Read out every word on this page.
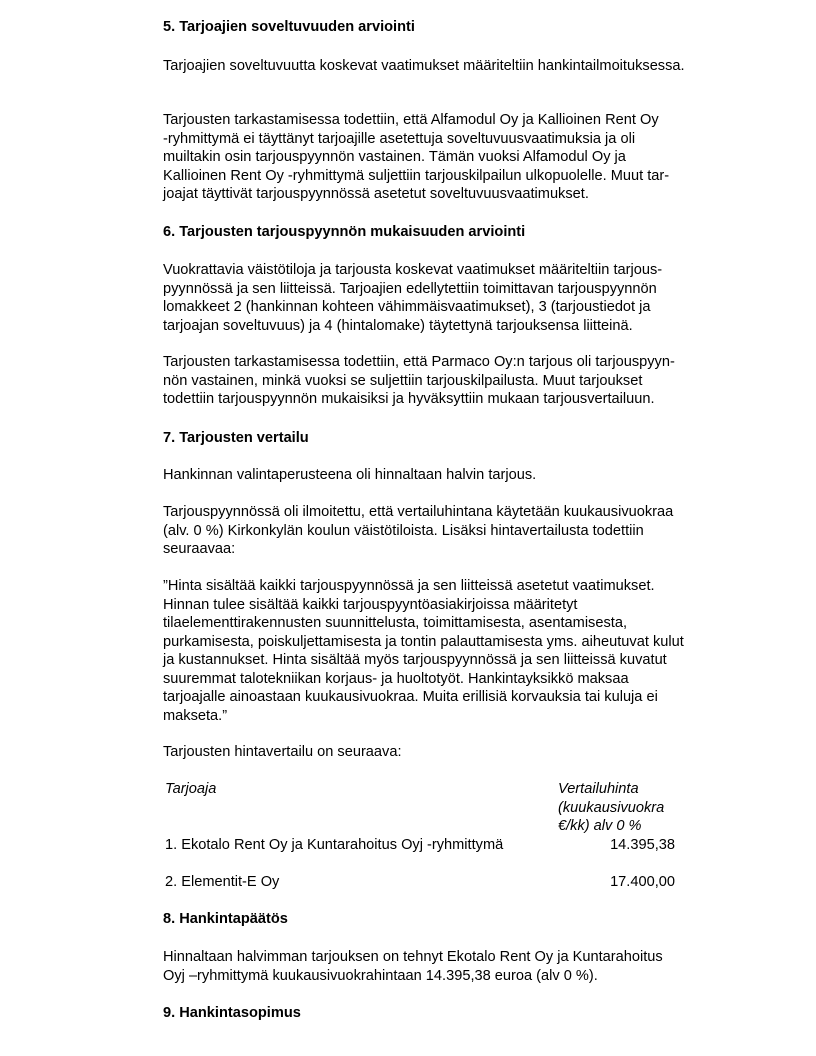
5. Tarjoajien soveltuvuuden arviointi
Tarjoajien soveltuvuutta koskevat vaatimukset määriteltiin hankintailmoituksessa.
Tarjousten tarkastamisessa todettiin, että Alfamodul Oy ja Kallioinen Rent Oy
-ryhmittymä ei täyttänyt tarjoajille asetettuja soveltuvuusvaatimuksia ja oli
muiltakin osin tarjouspyynnön vastainen. Tämän vuoksi Alfamodul Oy ja
Kallioinen Rent Oy -ryhmittymä suljettiin tarjouskilpailun ulkopuolelle. Muut tar-
joajat täyttivät tarjouspyynnössä asetetut soveltuvuusvaatimukset.
6. Tarjousten tarjouspyynnön mukaisuuden arviointi
Vuokrattavia väistötiloja ja tarjousta koskevat vaatimukset määriteltiin tarjous-
pyynnössä ja sen liitteissä. Tarjoajien edellytettiin toimittavan tarjouspyynnön
lomakkeet 2 (hankinnan kohteen vähimmäisvaatimukset), 3 (tarjoustiedot ja
tarjoajan soveltuvuus) ja 4 (hintalomake) täytettynä tarjouksensa liitteinä.
Tarjousten tarkastamisessa todettiin, että Parmaco Oy:n tarjous oli tarjouspyyn-
nön vastainen, minkä vuoksi se suljettiin tarjouskilpailusta. Muut tarjoukset
todettiin tarjouspyynnön mukaisiksi ja hyväksyttiin mukaan tarjousvertailuun.
7. Tarjousten vertailu
Hankinnan valintaperusteena oli hinnaltaan halvin tarjous.
Tarjouspyynnössä oli ilmoitettu, että vertailuhintana käytetään kuukausivuokraa
(alv. 0 %) Kirkonkylän koulun väistötiloista. Lisäksi hintavertailusta todettiin
seuraavaa:
”Hinta sisältää kaikki tarjouspyynnössä ja sen liitteissä asetetut vaatimukset.
Hinnan tulee sisältää kaikki tarjouspyyntöasiakirjoissa määritetyt
tilaelementtirakennusten suunnittelusta, toimittamisesta, asentamisesta,
purkamisesta, poiskuljettamisesta ja tontin palauttamisesta yms. aiheutuvat kulut
ja kustannukset. Hinta sisältää myös tarjouspyynnössä ja sen liitteissä kuvatut
suuremmat talotekniikan korjaus- ja huoltotyöt. Hankintayksikkö maksaa
tarjoajalle ainoastaan kuukausivuokraa. Muita erillisiä korvauksia tai kuluja ei
makseta.”
Tarjousten hintavertailu on seuraava:
Tarjoaja	Vertailuhinta
(kuukausivuokra
€/kk) alv 0 %
1. Ekotalo Rent Oy ja Kuntarahoitus Oyj -ryhmittymä	14.395,38
2. Elementit-E Oy	17.400,00
8. Hankintapäätös
Hinnaltaan halvimman tarjouksen on tehnyt Ekotalo Rent Oy ja Kuntarahoitus
Oyj –ryhmittymä kuukausivuokrahintaan 14.395,38 euroa (alv 0 %).
9. Hankintasopimus
